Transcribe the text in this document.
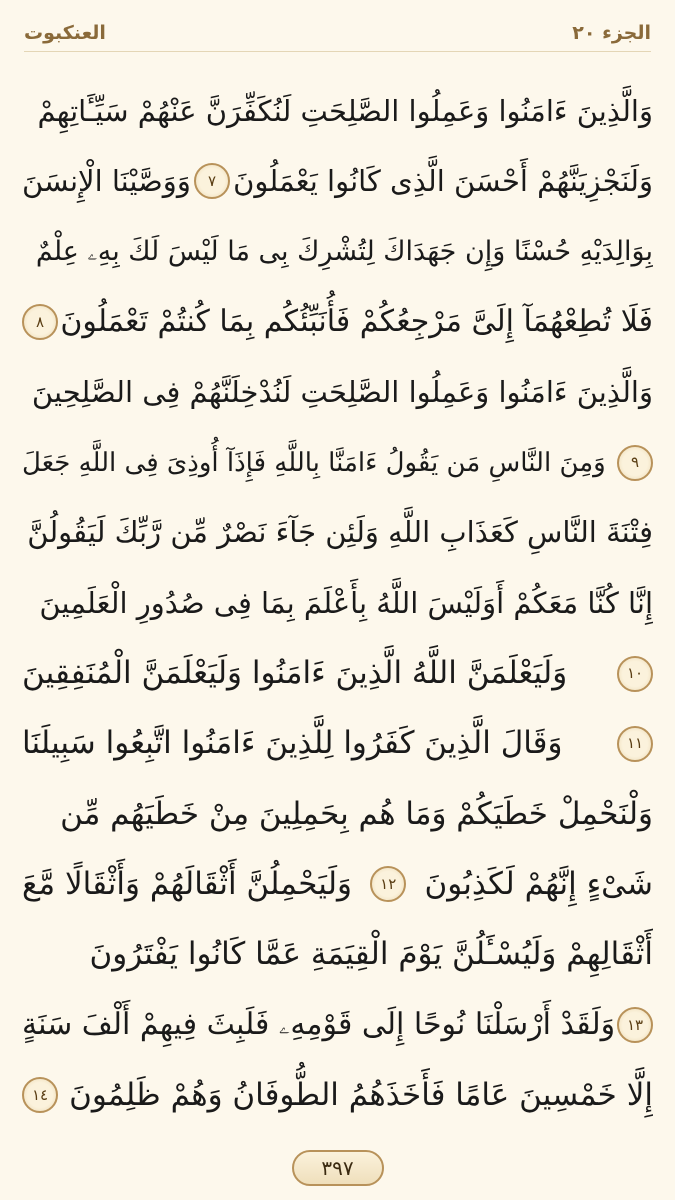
الجزء ٢٠
العنكبوت
وَالَّذِينَ ءَامَنُوا وَعَمِلُوا الصَّلِحَتِ لَنُكَفِّرَنَّ عَنْهُمْ سَيِّـَٔاتِهِمْ
وَلَنَجْزِيَنَّهُمْ أَحْسَنَ الَّذِى كَانُوا يَعْمَلُونَ
٧
وَوَصَّيْنَا الْإِنسَنَ
بِوَالِدَيْهِ حُسْنًا وَإِن جَهَدَاكَ لِتُشْرِكَ بِى مَا لَيْسَ لَكَ بِهِۦ عِلْمٌ
فَلَا تُطِعْهُمَآ إِلَىَّ مَرْجِعُكُمْ فَأُنَبِّئُكُم بِمَا كُنتُمْ تَعْمَلُونَ
٨
وَالَّذِينَ ءَامَنُوا وَعَمِلُوا الصَّلِحَتِ لَنُدْخِلَنَّهُمْ فِى الصَّلِحِينَ
٩
وَمِنَ النَّاسِ مَن يَقُولُ ءَامَنَّا بِاللَّهِ فَإِذَآ أُوذِىَ فِى اللَّهِ جَعَلَ
فِتْنَةَ النَّاسِ كَعَذَابِ اللَّهِ وَلَئِن جَآءَ نَصْرٌ مِّن رَّبِّكَ لَيَقُولُنَّ
إِنَّا كُنَّا مَعَكُمْ أَوَلَيْسَ اللَّهُ بِأَعْلَمَ بِمَا فِى صُدُورِ الْعَلَمِينَ
١٠
وَلَيَعْلَمَنَّ اللَّهُ الَّذِينَ ءَامَنُوا وَلَيَعْلَمَنَّ الْمُنَفِقِينَ
١١
وَقَالَ الَّذِينَ كَفَرُوا لِلَّذِينَ ءَامَنُوا اتَّبِعُوا سَبِيلَنَا
وَلْنَحْمِلْ خَطَيَكُمْ وَمَا هُم بِحَمِلِينَ مِنْ خَطَيَهُم مِّن
شَىْءٍ إِنَّهُمْ لَكَذِبُونَ
١٢
وَلَيَحْمِلُنَّ أَثْقَالَهُمْ وَأَثْقَالًا مَّعَ
أَثْقَالِهِمْ وَلَيُسْـَٔلُنَّ يَوْمَ الْقِيَمَةِ عَمَّا كَانُوا يَفْتَرُونَ
١٣
وَلَقَدْ أَرْسَلْنَا نُوحًا إِلَى قَوْمِهِۦ فَلَبِثَ فِيهِمْ أَلْفَ سَنَةٍ
إِلَّا خَمْسِينَ عَامًا فَأَخَذَهُمُ الطُّوفَانُ وَهُمْ ظَلِمُونَ
١٤
٣٩٧
